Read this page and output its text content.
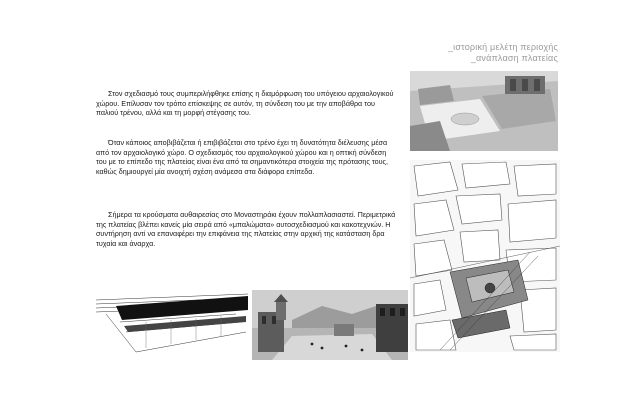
_ιστορική μελέτη περιοχής
_ανάπλαση πλατείας

Στον σχεδιασμό τους συμπεριλήφθηκε επίσης η διαμόρφωση του υπόγειου αρχαιολογικού χώρου. Επίλυσαν τον τρόπο επίσκεψης σε αυτόν, τη σύνδεση του με την αποβάθρα του παλιού τρένου, αλλά και τη μορφή στέγασης του.

Όταν κάποιος αποβιβάζεται ή επιβιβάζεται στο τρένο έχει τη δυνατότητα διέλευσης μέσα από τον αρχαιολογικό χώρο. Ο σχεδιασμός του αρχαιολογικού χώρου και η οπτική σύνδεση του με το επίπεδο της πλατείας είναι ένα από τα σημαντικότερα στοιχεία της πρότασης τους, καθώς δημιουργεί μία ανοιχτή σχέση ανάμεσα στα διάφορα επίπεδα.

Σήμερα τα κρούσματα αυθαιρεσίας στο Μοναστηράκι έχουν πολλαπλασιαστεί. Περιμετρικά της πλατείας βλέπει κανείς μία σειρά από «μπαλώματα» αυτοσχεδιασμού και κακοτεχνιών. Η συντήρηση αντί να επαναφέρει την επιφάνεια της πλατείας στην αρχική της κατάσταση δρα τυχαία και άναρχα.
